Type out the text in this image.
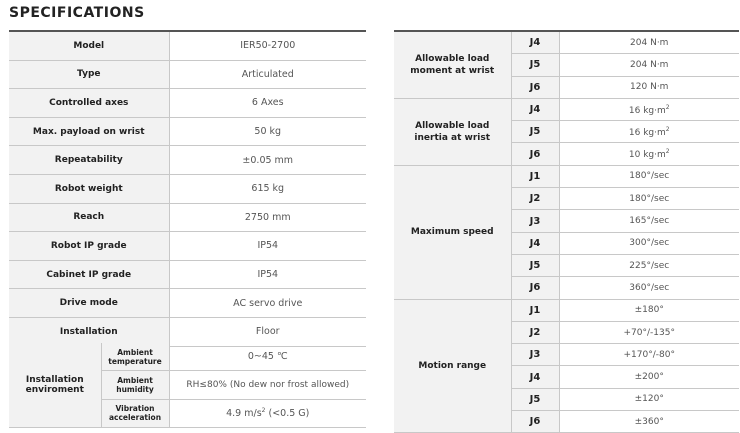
SPECIFICATIONS
Model	IER50-2700
Type	Articulated
Controlled axes	6 Axes
Max. payload on wrist	50 kg
Repeatability	±0.05 mm
Robot weight	615 kg
Reach	2750 mm
Robot IP grade	IP54
Cabinet IP grade	IP54
Drive mode	AC servo drive
Installation	Floor
Installation enviroment	Ambient temperature	0~45 ℃
	Ambient humidity	RH≤80% (No dew nor frost allowed)
	Vibration acceleration	4.9 $m/s^2$ (<0.5 G)
Allowable load moment at wrist	J4	204 N·m
	J5	204 N·m
	J6	120 N·m
Allowable load inertia at wrist	J4	16 $kg\cdot m^2$
	J5	16 $kg\cdot m^2$
	J6	10 $kg\cdot m^2$
Maximum speed	J1	180°/sec
	J2	180°/sec
	J3	165°/sec
	J4	300°/sec
	J5	225°/sec
	J6	360°/sec
Motion range	J1	±180°
	J2	+70°/-135°
	J3	+170°/-80°
	J4	±200°
	J5	±120°
	J6	±360°
